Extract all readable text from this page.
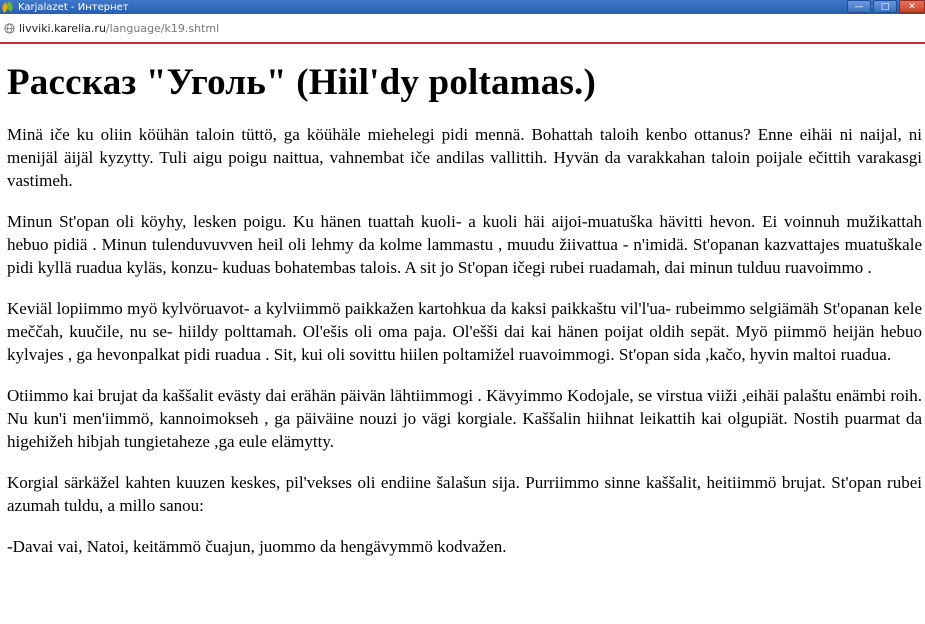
Karjalazet - Интернет	—	□	✕
livviki.karelia.ru /language/k19.shtml
Рассказ "Уголь" (Hiil'dy poltamas.)

Minä iče ku oliin köühän taloin tüttö, ga köühäle miehelegi pidi mennä. Bohattah taloih kenbo ottanus? Enne eihäi ni naijal, ni menijäl äijäl kyzytty. Tuli aigu poigu naittua, vahnembat iče andilas vallittih. Hyvän da varakkahan taloin poijale ečittih varakasgi vastimeh.

Minun St'opan oli köyhy, lesken poigu. Ku hänen tuattah kuoli- a kuoli häi aijoi-muatuška hävitti hevon. Ei voinnuh mužikattah hebuo pidiä . Minun tulenduvuvven heil oli lehmy da kolme lammastu , muudu žiivattua - n'imidä. St'opanan kazvattajes muatuškale pidi kyllä ruadua kyläs, konzu- kuduas bohatembas talois. A sit jo St'opan ičegi rubei ruadamah, dai minun tulduu ruavoimmo .

Keviäl lopiimmo myö kylvöruavot- a kylviimmö paikkažen kartohkua da kaksi paikkaštu vil'l'ua- rubeimmo selgiämäh St'opanan kele meččah, kuučile, nu se- hiildy polttamah. Ol'ešis oli oma paja. Ol'ešši dai kai hänen poijat oldih sepät. Myö piimmö heijän hebuo kylvajes , ga hevonpalkat pidi ruadua . Sit, kui oli sovittu hiilen poltamižel ruavoimmogi. St'opan sida ,kačo, hyvin maltoi ruadua.

Otiimmo kai brujat da kaššalit evästy dai erähän päivän lähtiimmogi . Kävyimmo Kodojale, se virstua viiži ,eihäi palaštu enämbi roih. Nu kun'i men'iimmö, kannoimokseh , ga päiväine nouzi jo vägi korgiale. Kaššalin hiihnat leikattih kai olgupiät. Nostih puarmat da higehižeh hibjah tungietaheze ,ga eule elämytty.

Korgial särkäžel kahten kuuzen keskes, pil'vekses oli endiine šalašun sija. Purriimmo sinne kaššalit, heitiimmö brujat. St'opan rubei azumah tuldu, a millo sanou:

-Davai vai, Natoi, keitämmö čuajun, juommo da hengävymmö kodvažen.
